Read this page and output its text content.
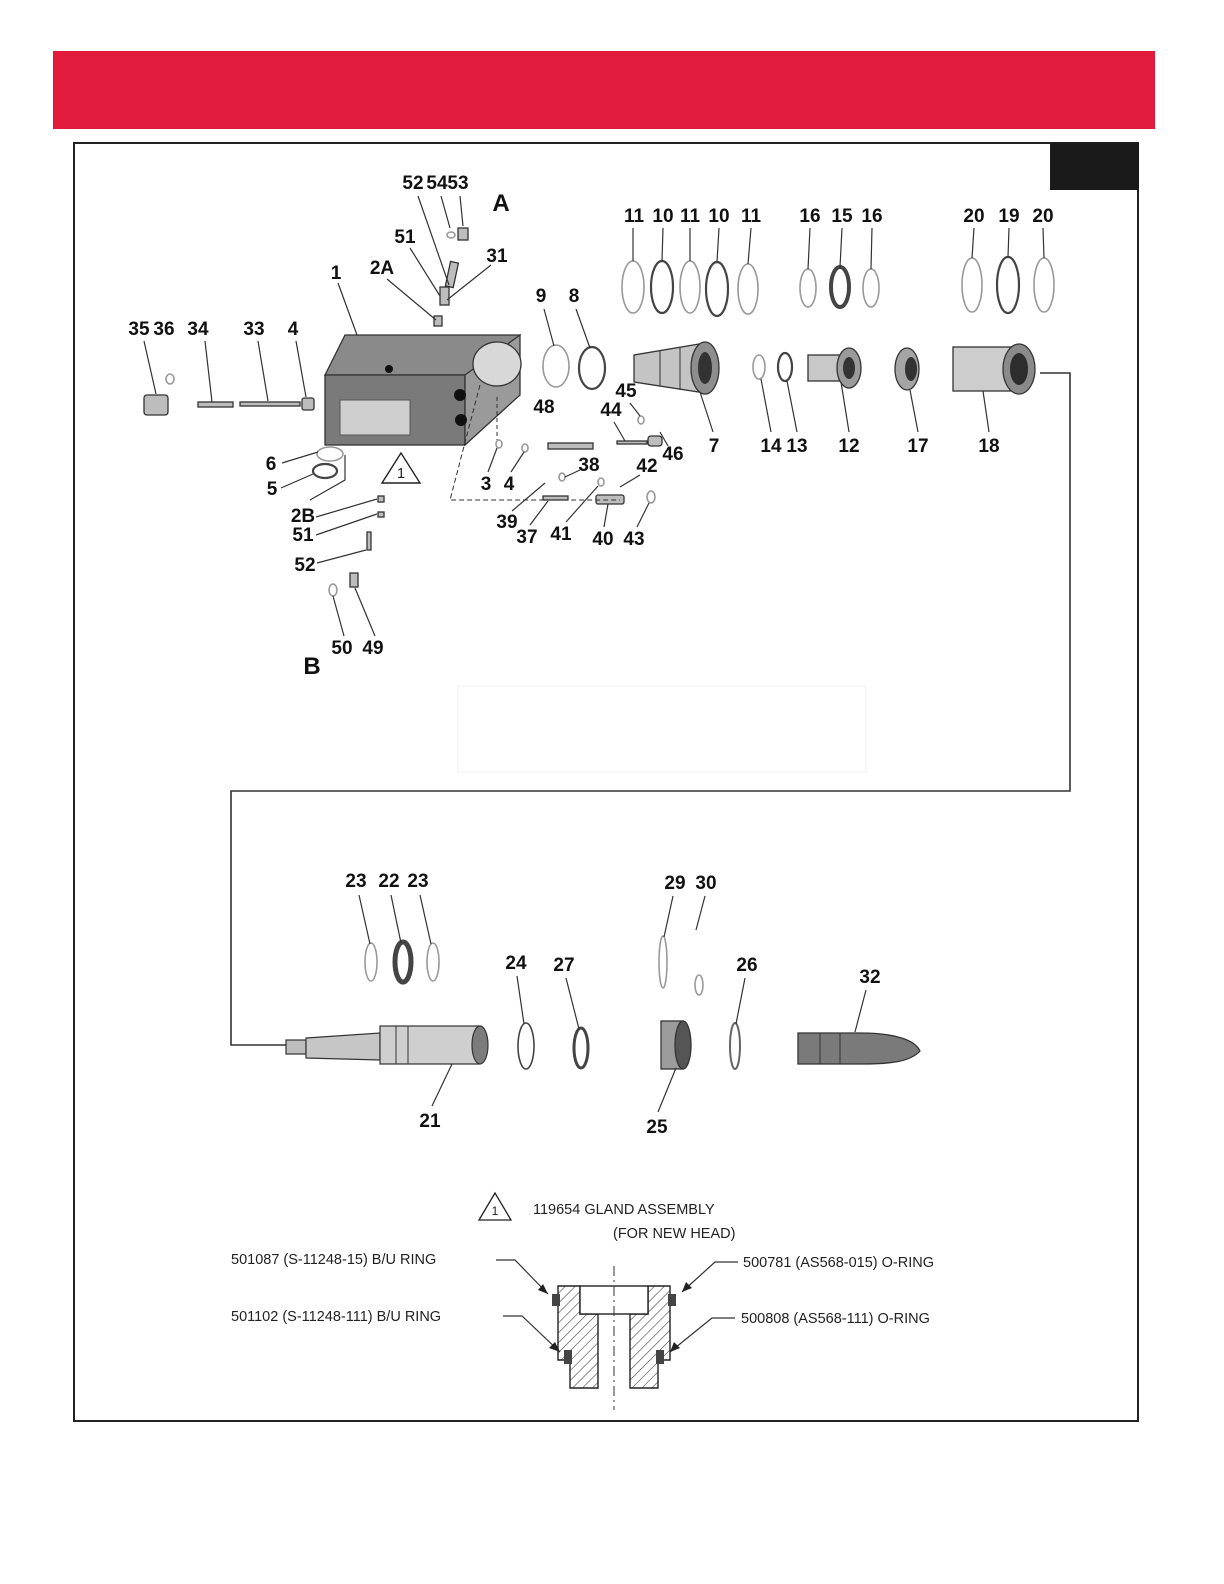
A
B
1
52 54 53
51
31
2A
1
35 36 34 33 4
9 8
11 10 11 10 11 16 15 16	20 19 20
45
48 44
46 7 14 13 12	17	18
6
5	3 4
38 42
39
37 41 40 43
2B
51
52
50 49
23 22 23	29 30
24 27	26
32
21	25
1 119654 GLAND ASSEMBLY
(FOR NEW HEAD)
501087 (S-11248-15) B/U RING
501102 (S-11248-111) B/U RING
500781 (AS568-015) O-RING
500808 (AS568-111) O-RING
